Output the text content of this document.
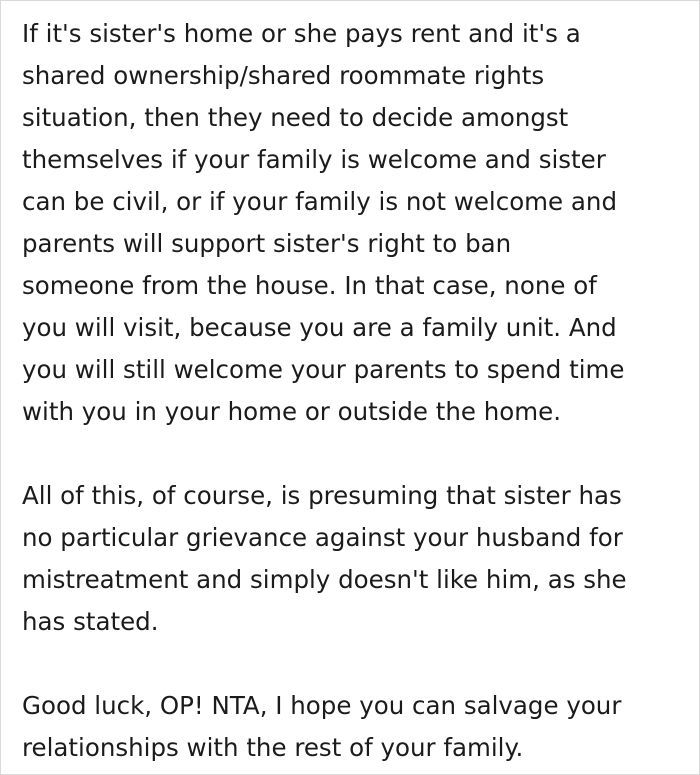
If it's sister's home or she pays rent and it's a
shared ownership/shared roommate rights
situation, then they need to decide amongst
themselves if your family is welcome and sister
can be civil, or if your family is not welcome and
parents will support sister's right to ban
someone from the house. In that case, none of
you will visit, because you are a family unit. And
you will still welcome your parents to spend time
with you in your home or outside the home.

All of this, of course, is presuming that sister has
no particular grievance against your husband for
mistreatment and simply doesn't like him, as she
has stated.

Good luck, OP! NTA, I hope you can salvage your
relationships with the rest of your family.
